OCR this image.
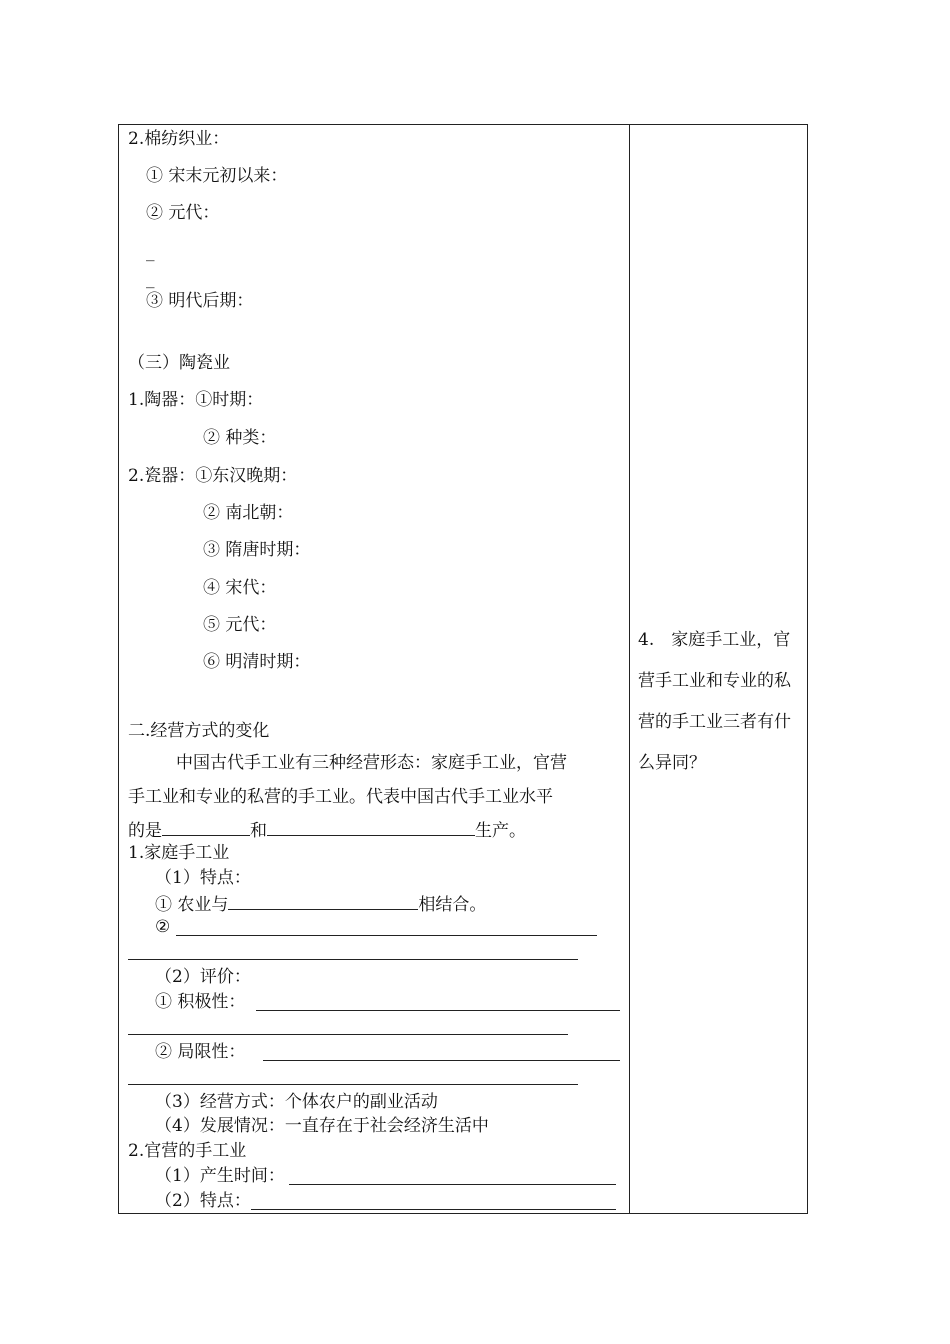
2.棉纺织业：
① 宋末元初以来：
② 元代：
_
_
③ 明代后期：
（三）陶瓷业
1.陶器：①时期：
② 种类：
2.瓷器：①东汉晚期：
② 南北朝：
③ 隋唐时期：
④ 宋代：
⑤ 元代：
⑥ 明清时期：
二.经营方式的变化
中国古代手工业有三种经营形态：家庭手工业，官营
手工业和专业的私营的手工业。代表中国古代手工业水平
的是	和	生产。
1.家庭手工业
（1）特点：
① 农业与	相结合。
②
（2）评价：
① 积极性：
② 局限性：
（3）经营方式：个体农户的副业活动
（4）发展情况：一直存在于社会经济生活中
2.官营的手工业
（1）产生时间：
（2）特点：
4.　家庭手工业，官营手工业和专业的私营的手工业三者有什么异同？
